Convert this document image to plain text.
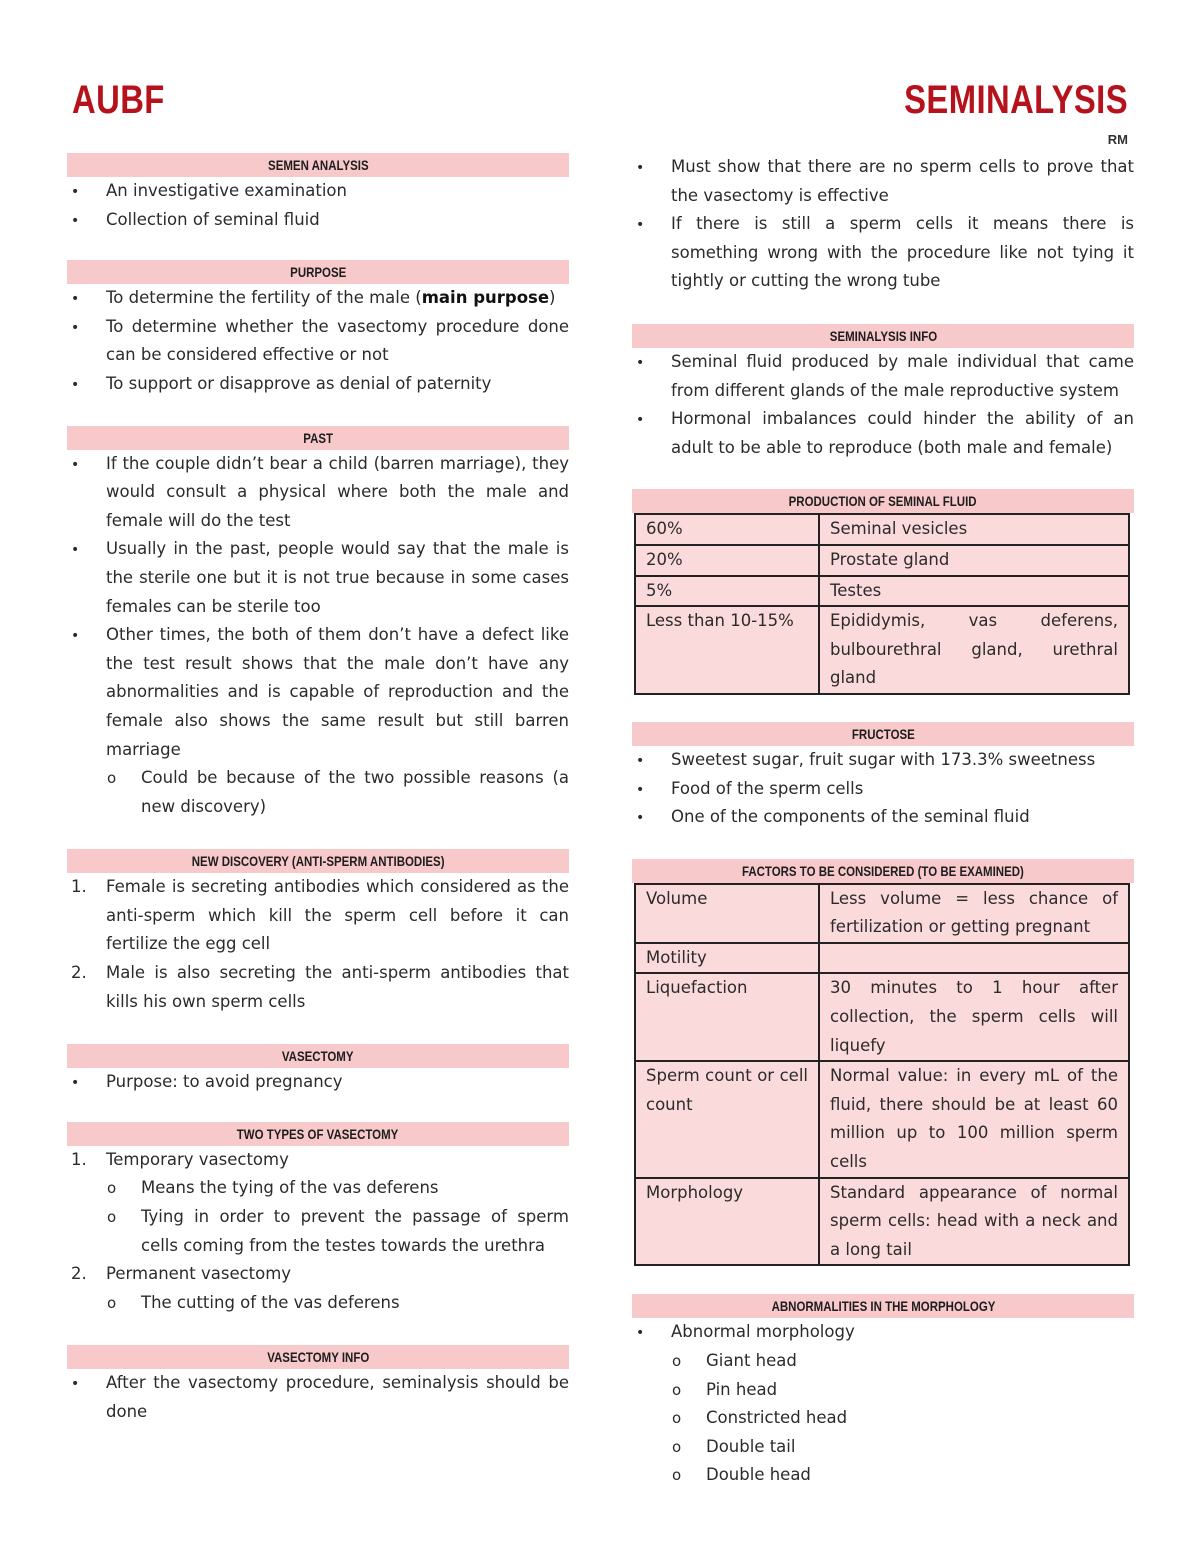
AUBF	SEMINALYSIS
RM
SEMEN ANALYSIS
•
An investigative examination
•
Collection of seminal fluid
PURPOSE
•
To determine the fertility of the male (main purpose)
•
To determine whether the vasectomy procedure done can be considered effective or not
•
To support or disapprove as denial of paternity
PAST
•
If the couple didn’t bear a child (barren marriage), they would consult a physical where both the male and female will do the test
•
Usually in the past, people would say that the male is the sterile one but it is not true because in some cases females can be sterile too
•
Other times, the both of them don’t have a defect like the test result shows that the male don’t have any abnormalities and is capable of reproduction and the female also shows the same result but still barren marriage
o
Could be because of the two possible reasons (a new discovery)
NEW DISCOVERY (ANTI-SPERM ANTIBODIES)
1. Female is secreting antibodies which considered as the anti-sperm which kill the sperm cell before it can fertilize the egg cell
2. Male is also secreting the anti-sperm antibodies that kills his own sperm cells
VASECTOMY
•
Purpose: to avoid pregnancy
TWO TYPES OF VASECTOMY
1. Temporary vasectomy
o
Means the tying of the vas deferens
o
Tying in order to prevent the passage of sperm cells coming from the testes towards the urethra
2. Permanent vasectomy
o
The cutting of the vas deferens
VASECTOMY INFO
•
After the vasectomy procedure, seminalysis should be done
•
Must show that there are no sperm cells to prove that the vasectomy is effective
•
If there is still a sperm cells it means there is something wrong with the procedure like not tying it tightly or cutting the wrong tube
SEMINALYSIS INFO
•
Seminal fluid produced by male individual that came from different glands of the male reproductive system
•
Hormonal imbalances could hinder the ability of an adult to be able to reproduce (both male and female)
PRODUCTION OF SEMINAL FLUID
60%	Seminal vesicles
20%	Prostate gland
5%	Testes
Less than 10-15%	Epididymis, vas deferens, bulbourethral gland, urethral gland
FRUCTOSE
•
Sweetest sugar, fruit sugar with 173.3% sweetness
•
Food of the sperm cells
•
One of the components of the seminal fluid
FACTORS TO BE CONSIDERED (TO BE EXAMINED)
Volume	Less volume = less chance of fertilization or getting pregnant
Motility	
Liquefaction	30 minutes to 1 hour after collection, the sperm cells will liquefy
Sperm count or cell count	Normal value: in every mL of the fluid, there should be at least 60 million up to 100 million sperm cells
Morphology	Standard appearance of normal sperm cells: head with a neck and a long tail
ABNORMALITIES IN THE MORPHOLOGY
•
Abnormal morphology
o
Giant head
o
Pin head
o
Constricted head
o
Double tail
o
Double head
